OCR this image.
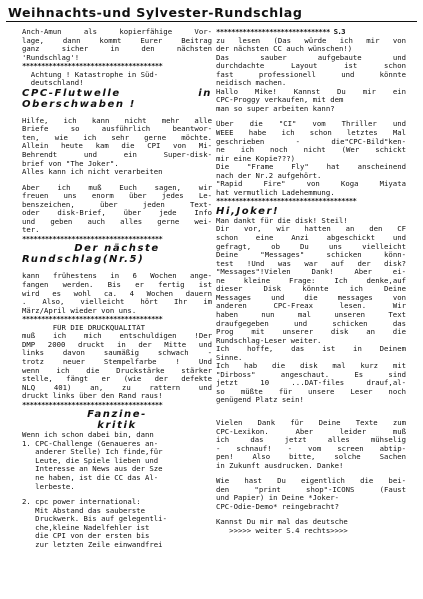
Weihnachts-und Sylvester-Rundschlag
Anch-Amun als kopierfähige Vor-
lage, dann kommt Eurer Beitrag
ganz sicher in den nächsten
'Rundschlag'!
*************************************
Achtung ! Katastrophe in Süd-
deutschland!
CPC-Flutwelle in
Oberschwaben !
Hilfe, ich kann nicht mehr alle
Briefe so ausführlich beantwor-
ten, wie ich sehr gerne möchte.
Allein heute kam die CPI von Mi-
Behrendt und ein Super-disk-
brief von "The Joker".
Alles kann ich nicht verarbeiten
Aber ich muß Euch sagen, wir
freuen uns enorm über jedes Le-
benszeichen, über jeden Text-
oder disk-Brief, über jede Info
und geben auch alles gerne wei-
ter.
*************************************
Der nächste
Rundschlag(Nr.5)
kann frühestens in 6 Wochen ange-
fangen werden. Bis er fertig ist
wird es wohl ca. 4 Wochen dauern
. Also, vielleicht hört Ihr im
März/April wieder von uns.
*************************************
FÜR DIE DRUCKQUALITÄT
muß ich mich entschuldigen !Der
DMP 2000 druckt in der Mitte und
links davon saumäßig schwach -
trotz neuer Stempelfarbe ! Und
wenn ich die Druckstärke stärker
stelle, fängt er (wie der defekte
NLQ 401) an, zu rattern und
druckt links über den Rand raus!
*************************************
Fanzine-
kritik
Wenn ich schon dabei bin, dann
1. CPC-Challenge (Genaueres an-
anderer Stelle) Ich finde,für
Leute, die Spiele lieben und
Interesse an News aus der Sze
ne haben, ist die CC das Al-
lerbeste.
2. cpc power international:
Mit Abstand das sauberste
Druckwerk. Bis auf gelegentli-
che,kleine Nadelfehler ist
die CPI von der ersten bis
zur letzten Zeile einwandfrei
****************************** S.3
zu lesen (Das würde ich mir von
der nächsten CC auch wünschen!)
Das sauber aufgebaute und
durchdachte Layout ist schon
fast professionell und könnte
neidisch machen.
Hallo Mike! Kannst Du mir ein
CPC-Proggy verkaufen, mit dem
man so super arbeiten kann?
Über die "CI" vom Thriller und
WEEE habe ich schon letztes Mal
geschrieben - die"CPC-Bild"ken-
ne ich noch nicht (Wer schickt
mir eine Kopie???)
Die "Frame Fly" hat anscheinend
nach der Nr.2 aufgehört.
"Rapid Fire" von Koga Miyata
hat vermutlich Ladehemmung.
*************************************
Hi,Joker!
Man dankt für die disk! Steil!
Dir vor, wir hatten an den CF
schon eine Anzi abgeschickt und
gefragt, ob Du uns vielleicht
Deine "Messages" schicken könn-
test !Und was war auf der disk?
"Messages"!Vielen Dank! Aber ei-
ne kleine Frage: Ich denke,auf
dieser Disk könnte ich Deine
Messages und die messages von
anderen CPC-Freax lesen. Wir
haben nun mal unseren Text
draufgegeben und schicken das
Prog mit unserer disk an die
Rundschlag-Leser weiter.
Ich hoffe, das ist in Deinem
Sinne.
Ich hab die disk mal kurz mit
"Dirboss" angeschaut. Es sind
jetzt 10 ...DAT-files drauf,al-
so müßte für unsere Leser noch
genügend Platz sein!
Vielen Dank für Deine Texte zum
CPC-Lexikon. Aber leider muß
ich das jetzt alles mühselig
- schnauf! - vom screen abtip-
pen! Also bitte, solche Sachen
in Zukunft ausdrucken. Danke!
Wie hast Du eigentlich die bei-
den "print shop"-ICONS (Faust
und Papier) in Deine *Joker-
CPC-Odie-Demo* reingebracht?
Kannst Du mir mal das deutsche
>>>>> weiter S.4 rechts>>>>
